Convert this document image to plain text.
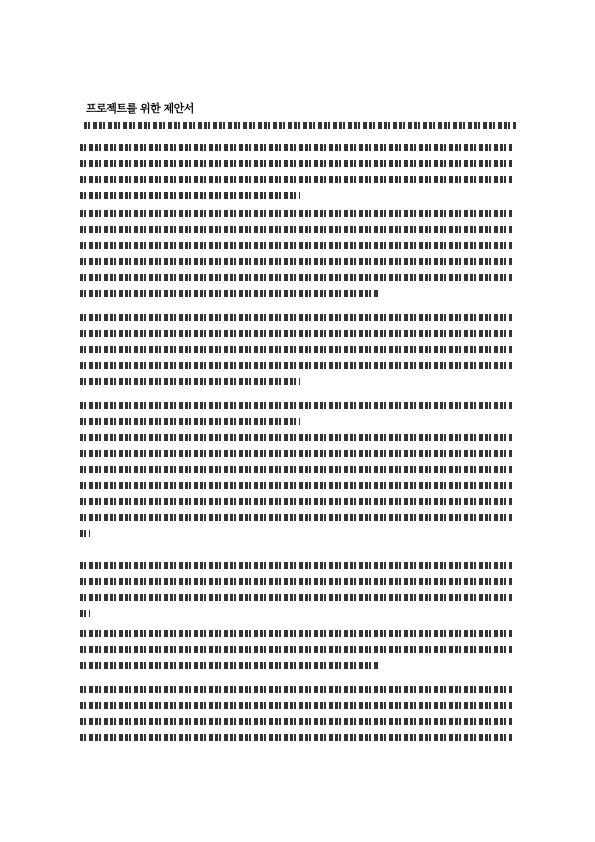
프로젝트를 위한 제안서
